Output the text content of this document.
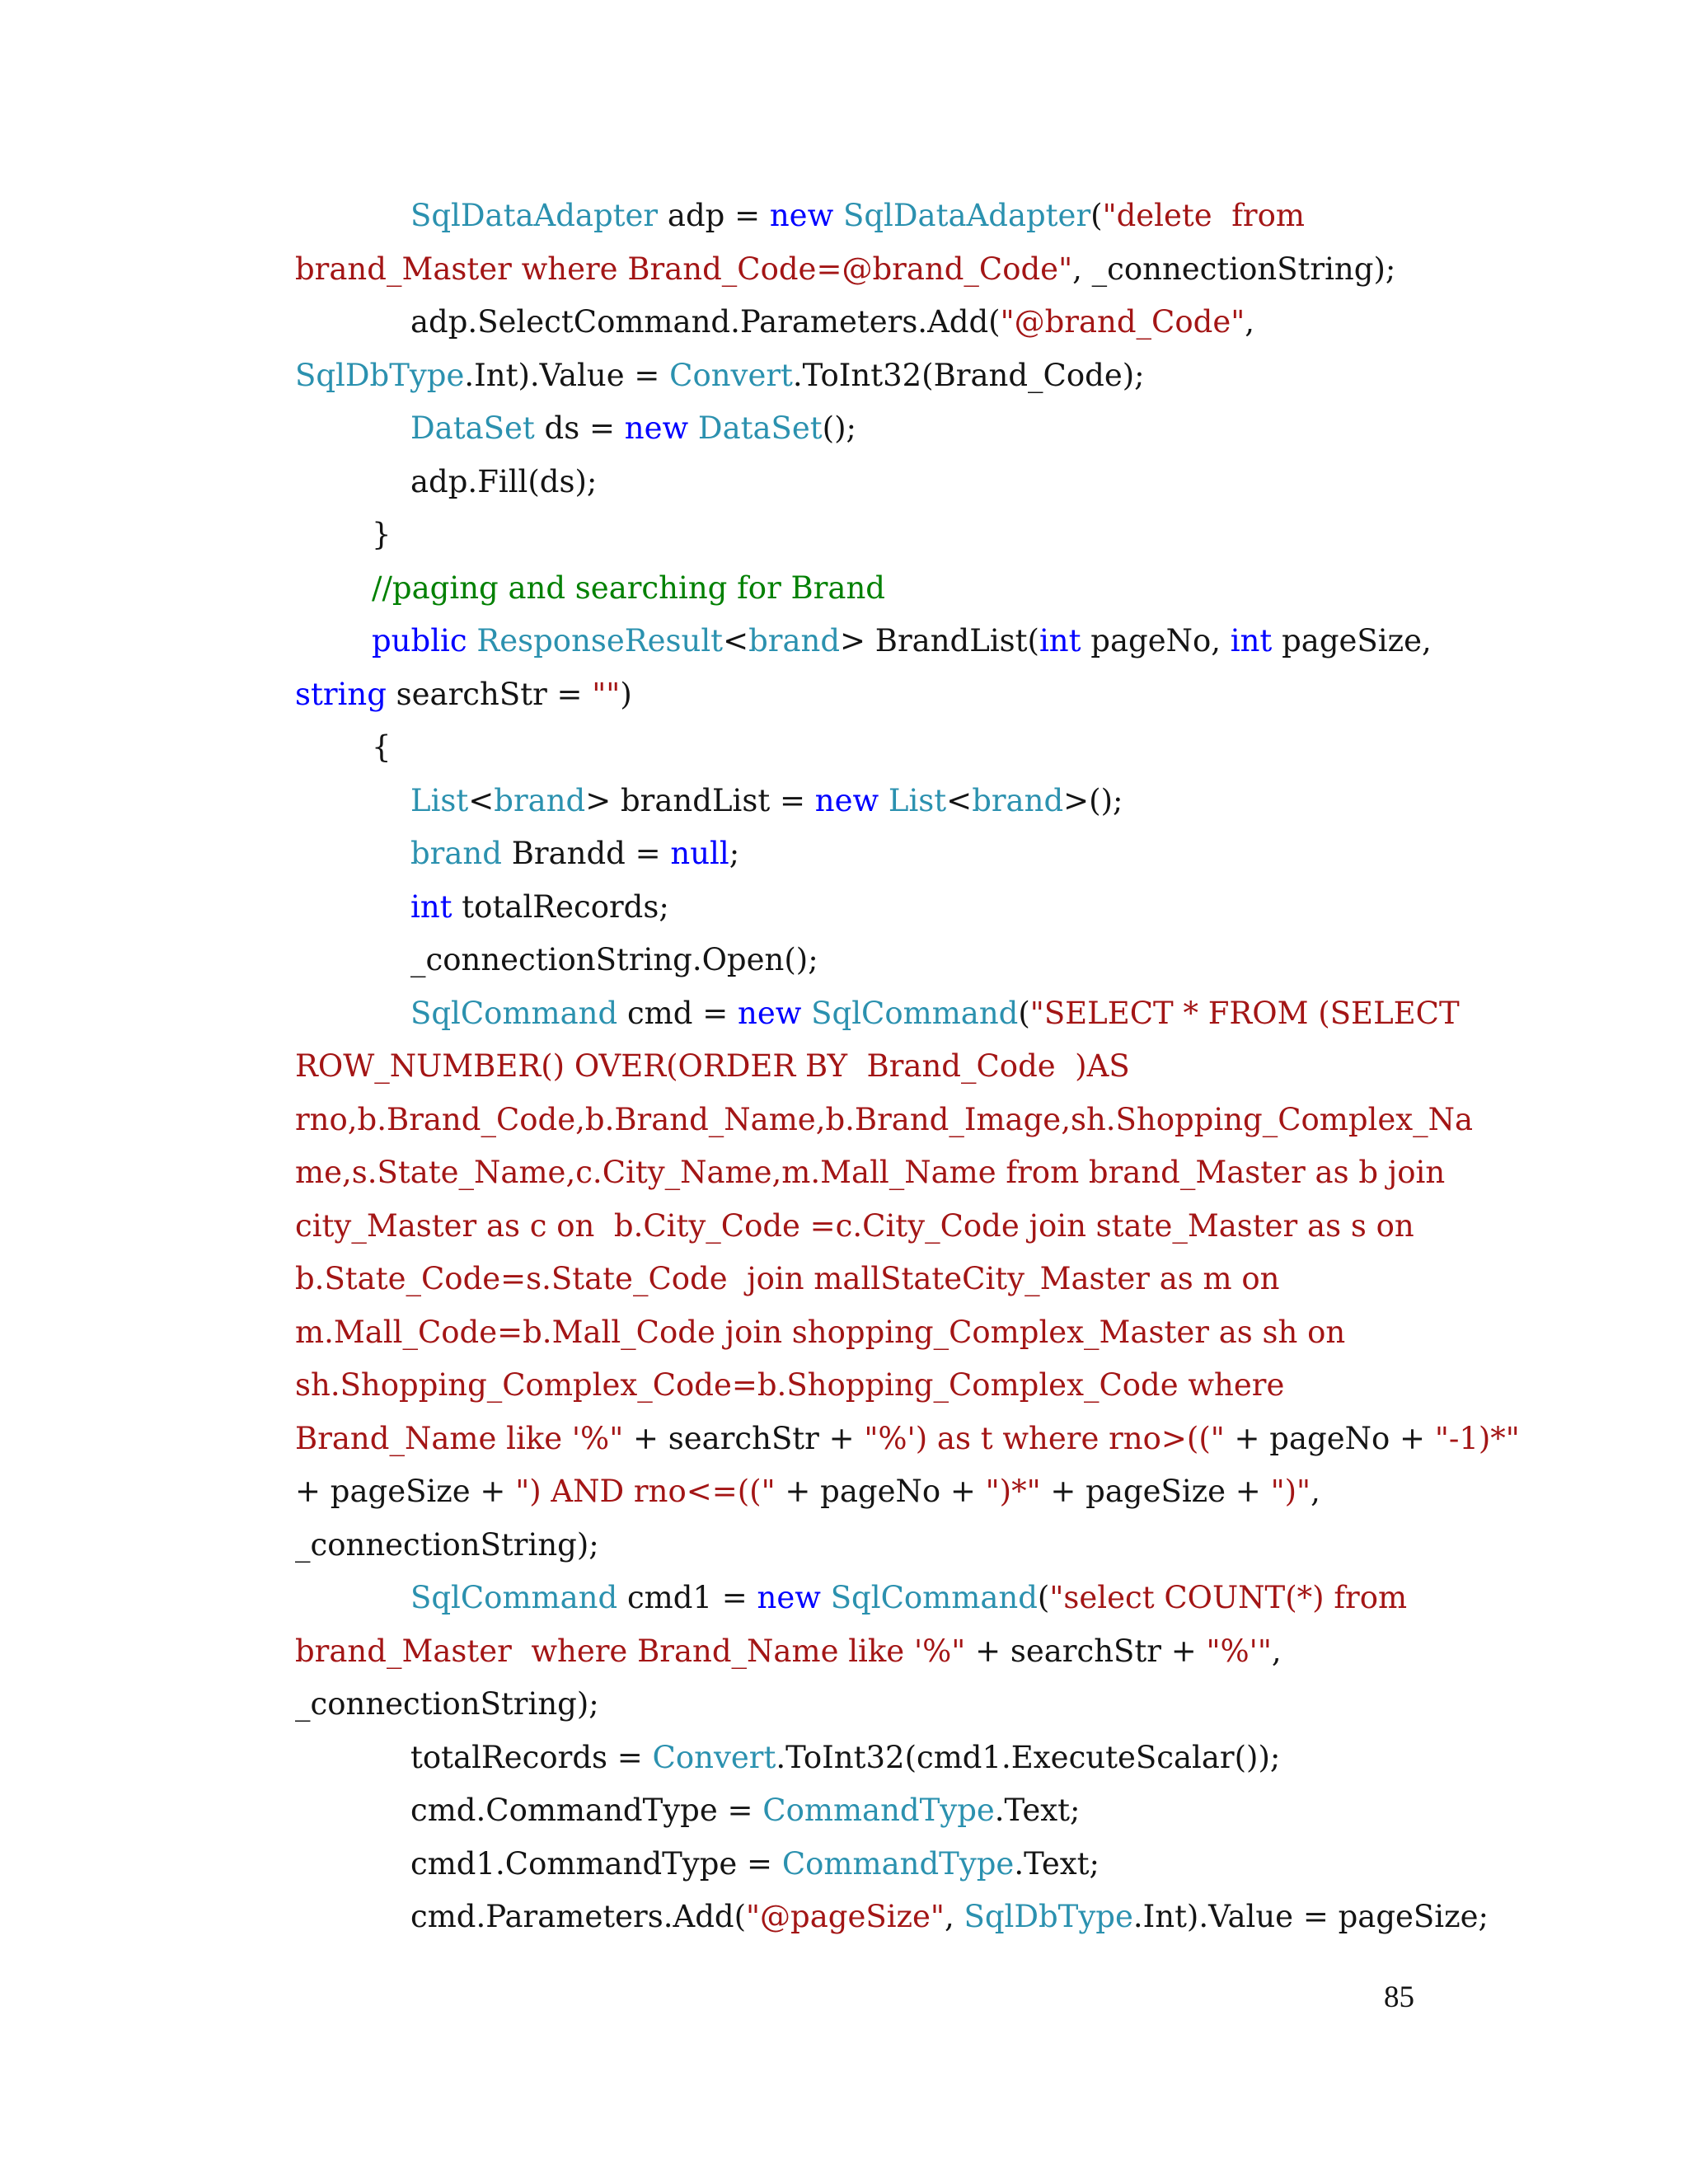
SqlDataAdapter adp = new SqlDataAdapter("delete  from
brand_Master where Brand_Code=@brand_Code", _connectionString);
adp.SelectCommand.Parameters.Add("@brand_Code",
SqlDbType.Int).Value = Convert.ToInt32(Brand_Code);
DataSet ds = new DataSet();
adp.Fill(ds);
}
//paging and searching for Brand
public ResponseResult<brand> BrandList(int pageNo, int pageSize,
string searchStr = "")
{
List<brand> brandList = new List<brand>();
brand Brandd = null;
int totalRecords;
_connectionString.Open();
SqlCommand cmd = new SqlCommand("SELECT * FROM (SELECT
ROW_NUMBER() OVER(ORDER BY  Brand_Code  )AS
rno,b.Brand_Code,b.Brand_Name,b.Brand_Image,sh.Shopping_Complex_Na
me,s.State_Name,c.City_Name,m.Mall_Name from brand_Master as b join
city_Master as c on  b.City_Code =c.City_Code join state_Master as s on
b.State_Code=s.State_Code  join mallStateCity_Master as m on
m.Mall_Code=b.Mall_Code join shopping_Complex_Master as sh on
sh.Shopping_Complex_Code=b.Shopping_Complex_Code where
Brand_Name like '%" + searchStr + "%') as t where rno>((" + pageNo + "-1)*"
+ pageSize + ") AND rno<=((" + pageNo + ")*" + pageSize + ")",
_connectionString);
SqlCommand cmd1 = new SqlCommand("select COUNT(*) from
brand_Master  where Brand_Name like '%" + searchStr + "%'",
_connectionString);
totalRecords = Convert.ToInt32(cmd1.ExecuteScalar());
cmd.CommandType = CommandType.Text;
cmd1.CommandType = CommandType.Text;
cmd.Parameters.Add("@pageSize", SqlDbType.Int).Value = pageSize;
85
